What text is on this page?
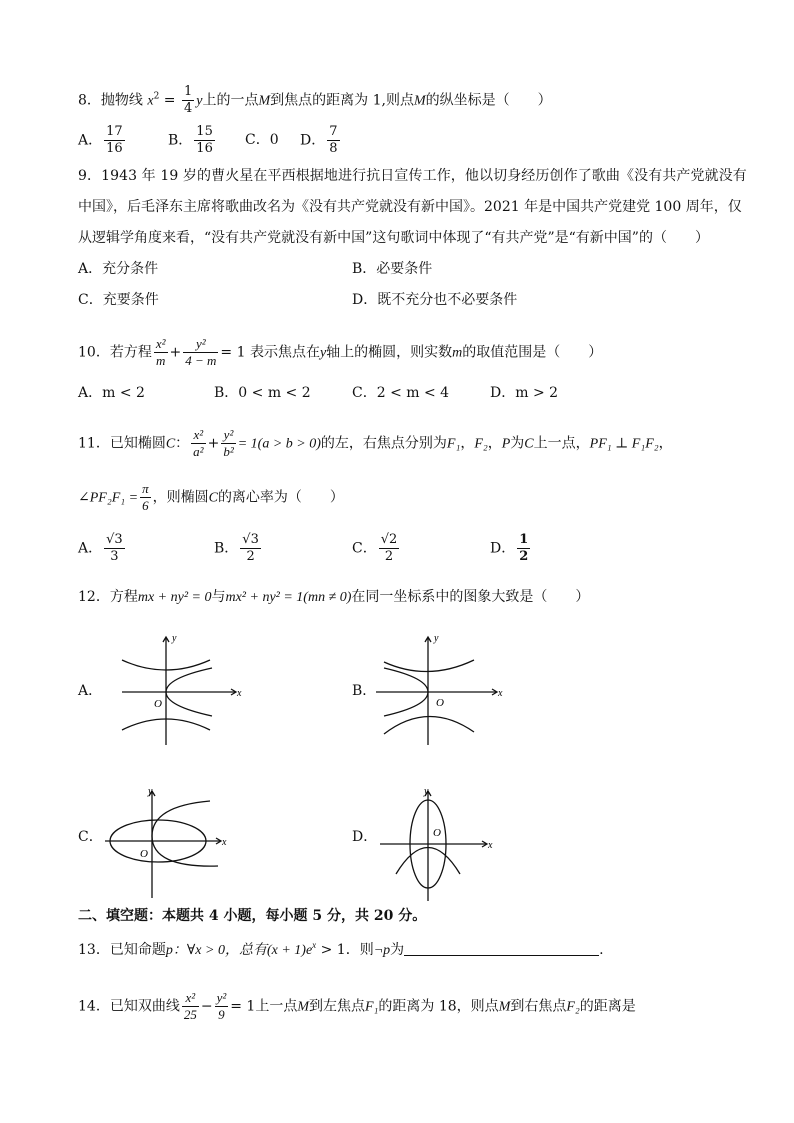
8．抛物线 $x^2 = \frac{1}{4}$ y上的一点M到焦点的距离为 1,则点M的纵坐标是（　　）
A． $\frac{17}{16}$	B． $\frac{15}{16}$ C．0 D． $\frac{7}{8}$
9．1943 年 19 岁的曹火星在平西根据地进行抗日宣传工作，他以切身经历创作了歌曲《没有共产党就没有
中国》，后毛泽东主席将歌曲改名为《没有共产党就没有新中国》。2021 年是中国共产党建党 100 周年，仅
从逻辑学角度来看，“没有共产党就没有新中国”这句歌词中体现了“有共产党”是“有新中国”的（　　）
A．充分条件	B．必要条件
C．充要条件	D．既不充分也不必要条件
10．若方程 $\frac{\text{x²}}{m} + \frac{\text{y²}}{4 - m} = 1$ 表示焦点在y轴上的椭圆，则实数m的取值范围是（　　）
A．m < 2	B．0 < m < 2	C．2 < m < 4	D．m > 2
11．已知椭圆C： $\frac{\text{x²}}{\text{a²}} + \frac{\text{y²}}{\text{b²}} = 1(a > b > 0)$的左，右焦点分别为F₁，F₂，P为C上一点，PF₁ ⊥ F₁F₂，
∠PF₂F₁ = $\frac{\pi}{6}$ ，则椭圆C的离心率为（　　）
A． $\frac{√3}{3}$	B． $\frac{√3}{2}$	C． $\frac{√2}{2}$	D． $\frac{1}{2}$
12．方程mx + ny² = 0与mx² + ny² = 1(mn ≠ 0)在同一坐标系中的图象大致是（　　）
A．	B．
C．	D．
y
x
O
y
x
O
y
x
O
y
x
O
二、填空题：本题共 4 小题，每小题 5 分，共 20 分。
13．已知命题p：∀x > 0，总有$(x + 1)e^x > 1$．则¬p为	.
14．已知双曲线 $\frac{\text{x²}}{25} - \frac{\text{y²}}{9} = 1$上一点M到左焦点F₁的距离为 18，则点M到右焦点F₂的距离是
